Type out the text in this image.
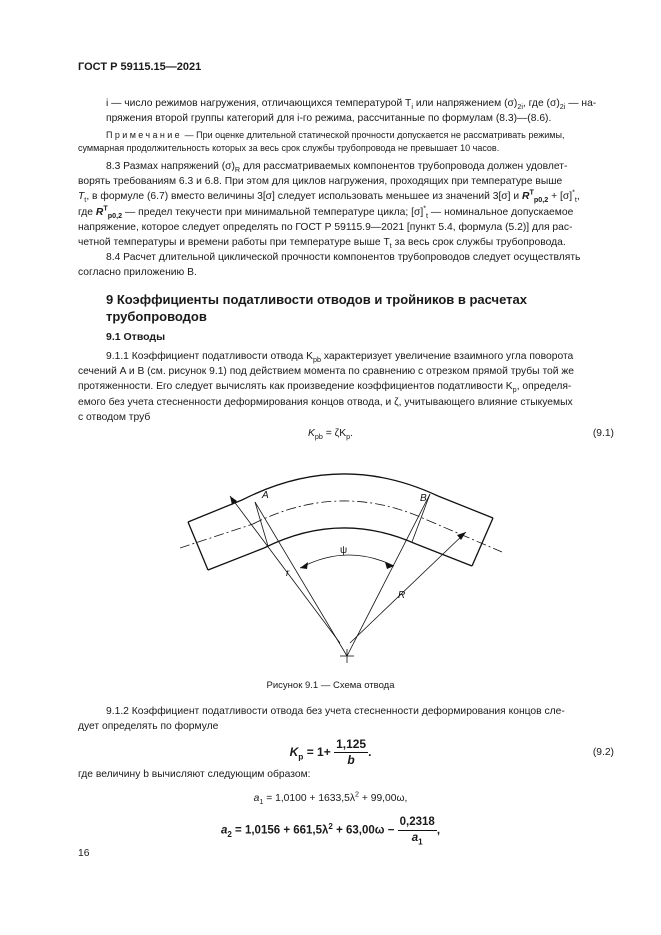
ГОСТ Р 59115.15—2021
i — число режимов нагружения, отличающихся температурой $T_i$ или напряжением $(\sigma)_{2i}$, где $(\sigma)_{2i}$ — на-
пряжения второй группы категорий для i-го режима, рассчитанные по формулам (8.3)—(8.6).
Примечание — При оценке длительной статической прочности допускается не рассматривать режимы,
суммарная продолжительность которых за весь срок службы трубопровода не превышает 10 часов.
8.3 Размах напряжений $(\sigma)_R$ для рассматриваемых компонентов трубопровода должен удовлет-
ворять требованиям 6.3 и 6.8. При этом для циклов нагружения, проходящих при температуре выше
$T_t$, в формуле (6.7) вместо величины 3[σ] следует использовать меньшее из значений 3[σ] и $R^T_{p0,2} + [\sigma]^*_t$,
где $R^T_{p0,2}$ — предел текучести при минимальной температуре цикла; $[\sigma]^*_t$ — номинальное допускаемое
напряжение, которое следует определять по ГОСТ Р 59115.9—2021 [пункт 5.4, формула (5.2)] для рас-
четной температуры и времени работы при температуре выше $T_t$ за весь срок службы трубопровода.
8.4 Расчет длительной циклической прочности компонентов трубопроводов следует осуществлять
согласно приложению В.
9 Коэффициенты податливости отводов и тройников в расчетах
трубопроводов
9.1 Отводы
9.1.1 Коэффициент податливости отвода $K_{pb}$ характеризует увеличение взаимного угла поворота
сечений A и B (см. рисунок 9.1) под действием момента по сравнению с отрезком прямой трубы той же
протяженности. Его следует вычислять как произведение коэффициентов податливости $K_p$, определя-
емого без учета стесненности деформирования концов отвода, и ζ, учитывающего влияние стыкуемых
с отводом труб
$K_{pb} = \zeta K_p$.	(9.1)
A	B
ψ
r
R
Рисунок 9.1 — Схема отвода
9.1.2 Коэффициент податливости отвода без учета стесненности деформирования концов сле-
дует определять по формуле
$K_p = 1+ \frac{1,125}{b}$ .	(9.2)
где величину b вычисляют следующим образом:
$a_1 = 1,0100 + 1633,5\lambda^2 + 99,00\omega$,
$a_2 = 1,0156 + 661,5\lambda^2 + 63,00\omega - \frac{0,2318}{a_1}$ ,
16
